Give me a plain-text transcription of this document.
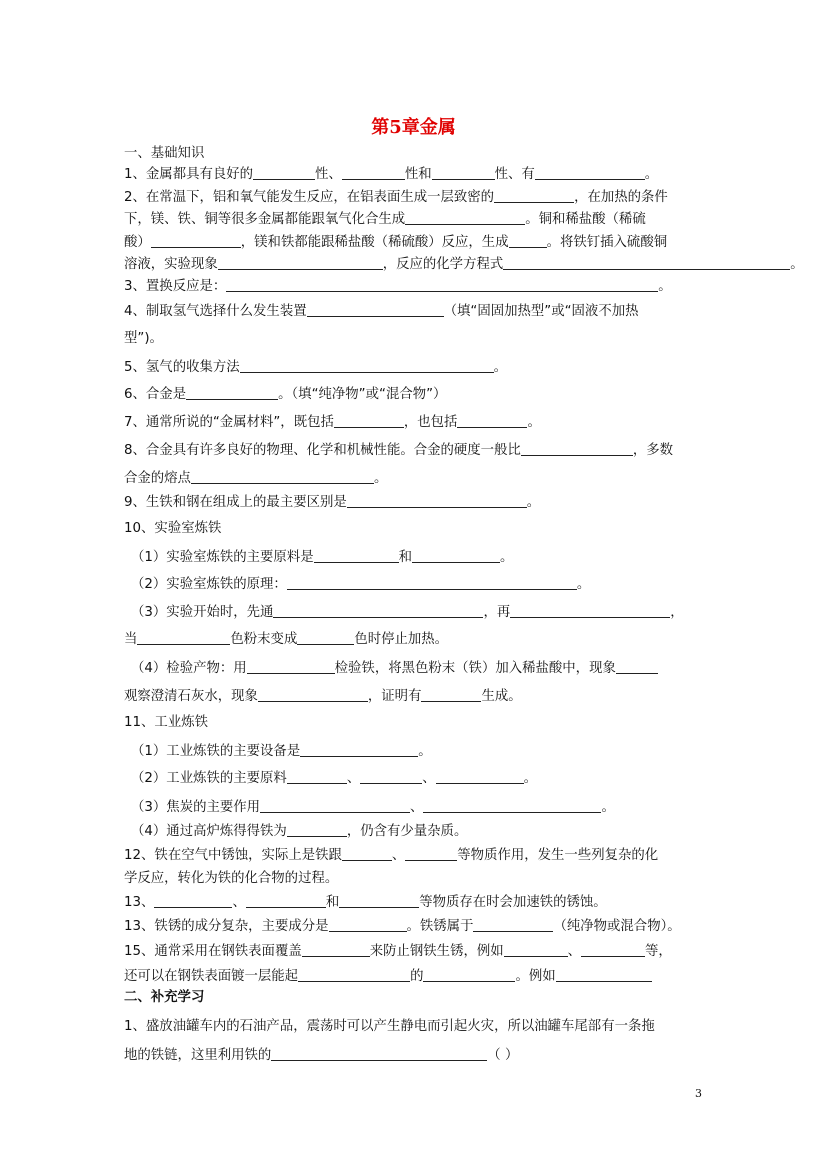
第5章金属
一、基础知识
1、金属都具有良好的	性、	性和	性、有	。
2、在常温下，铝和氧气能发生反应，在铝表面生成一层致密的	，在加热的条件
下，镁、铁、铜等很多金属都能跟氧气化合生成	。铜和稀盐酸（稀硫
酸）	，镁和铁都能跟稀盐酸（稀硫酸）反应，生成	。将铁钉插入硫酸铜
溶液，实验现象	，反应的化学方程式	。
3、置换反应是：	。
4、制取氢气选择什么发生装置	（填“固固加热型”或“固液不加热
型”)。
5、氢气的收集方法	。
6、合金是	。（填“纯净物”或“混合物”）
7、通常所说的“金属材料”，既包括	，也包括	。
8、合金具有许多良好的物理、化学和机械性能。合金的硬度一般比	，多数
合金的熔点	。
9、生铁和钢在组成上的最主要区别是	。
10、实验室炼铁
（1）实验室炼铁的主要原料是	和	。
（2）实验室炼铁的原理：	。
（3）实验开始时，先通	，再	，
当	色粉末变成	色时停止加热。
（4）检验产物：用	检验铁，将黑色粉末（铁）加入稀盐酸中，现象
观察澄清石灰水，现象	，证明有	生成。
11、工业炼铁
（1）工业炼铁的主要设备是	。
（2）工业炼铁的主要原料	、	、	。
（3）焦炭的主要作用	、	。
（4）通过高炉炼得得铁为	，仍含有少量杂质。
12、铁在空气中锈蚀，实际上是铁跟	、	等物质作用，发生一些列复杂的化
学反应，转化为铁的化合物的过程。
13、	、	和	等物质存在时会加速铁的锈蚀。
13、铁锈的成分复杂，主要成分是	。铁锈属于	（纯净物或混合物）。
15、通常采用在钢铁表面覆盖	来防止钢铁生锈，例如	、	等，
还可以在钢铁表面镀一层能起	的	。例如
二、补充学习
1、盛放油罐车内的石油产品，震荡时可以产生静电而引起火灾，所以油罐车尾部有一条拖
地的铁链，这里利用铁的	（ ）
3
